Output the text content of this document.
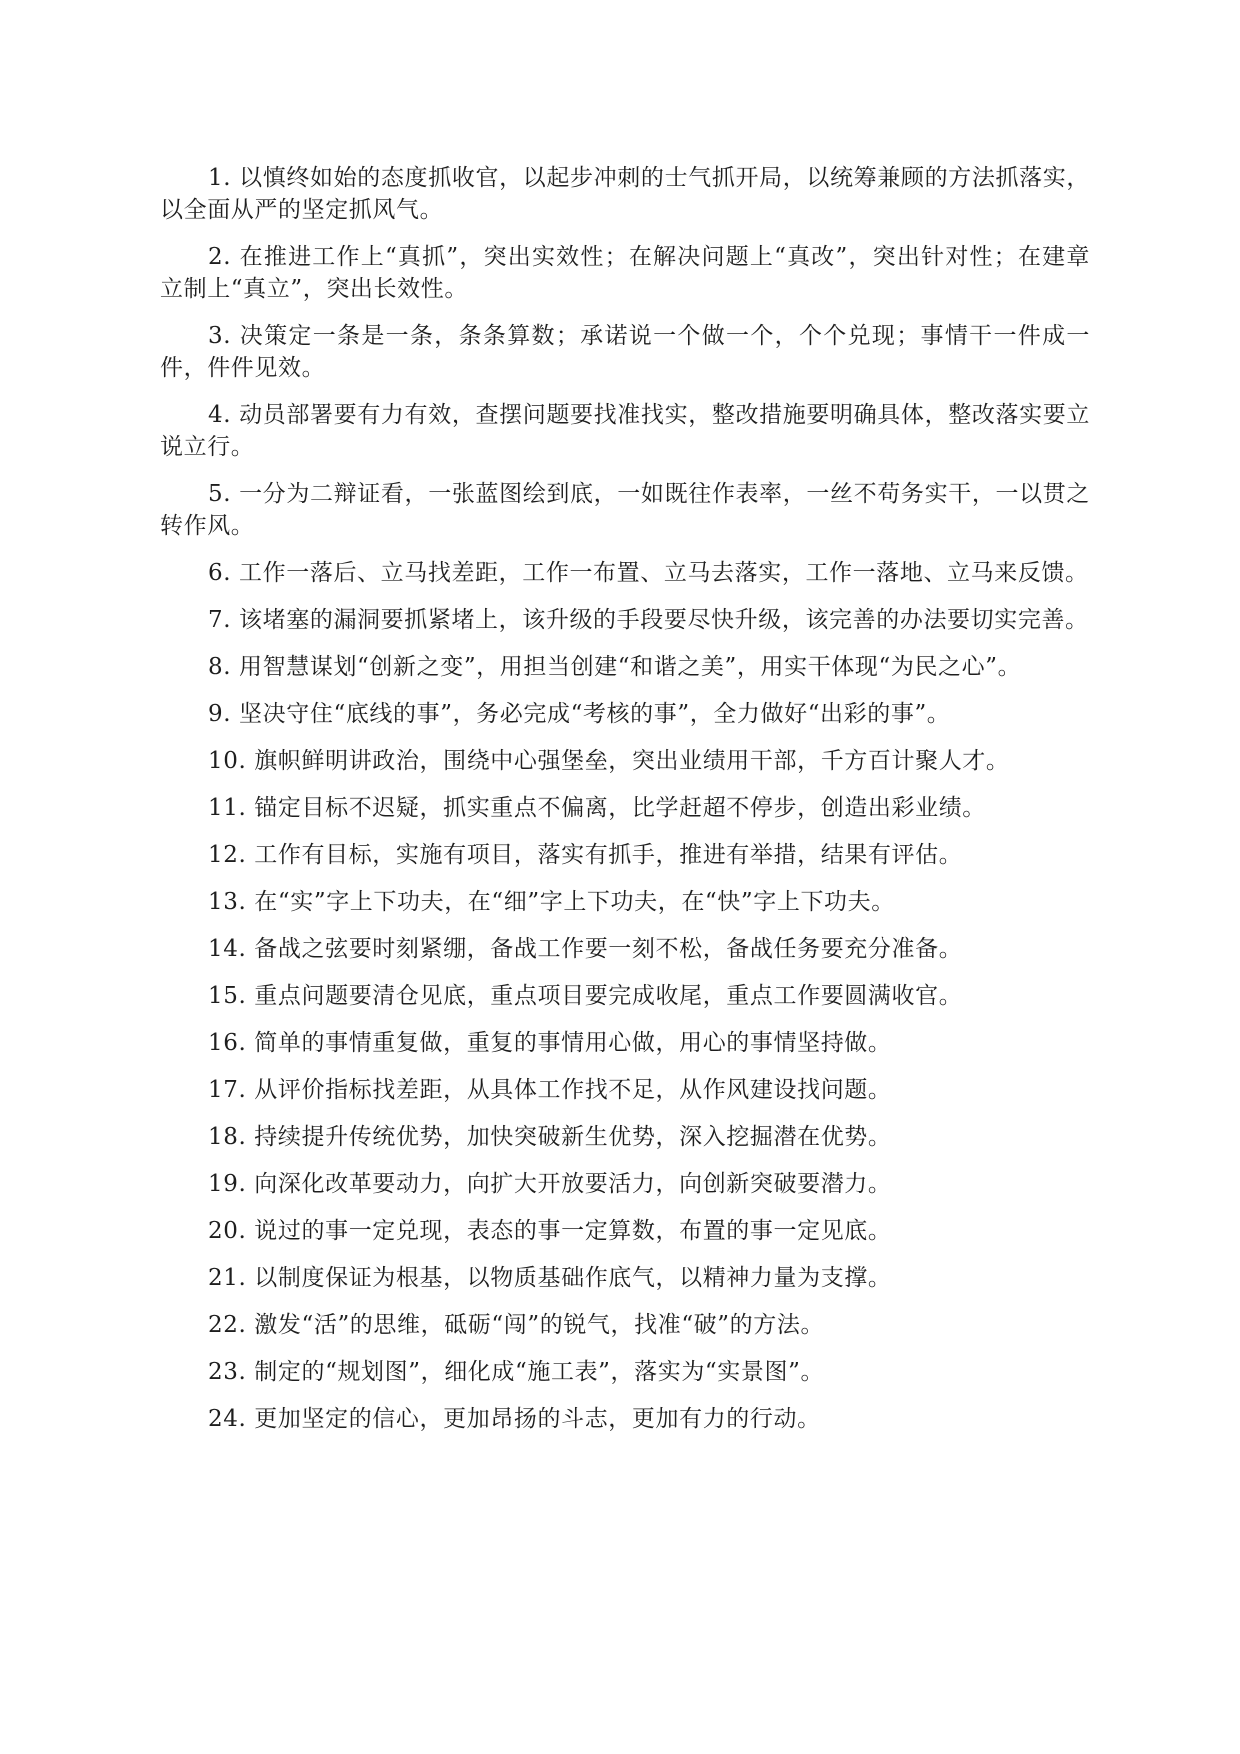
1. 以慎终如始的态度抓收官，以起步冲刺的士气抓开局，以统筹兼顾的方法抓落实，以全面从严的坚定抓风气。

2. 在推进工作上“真抓”，突出实效性；在解决问题上“真改”，突出针对性；在建章立制上“真立”，突出长效性。

3. 决策定一条是一条，条条算数；承诺说一个做一个，个个兑现；事情干一件成一件，件件见效。

4. 动员部署要有力有效，查摆问题要找准找实，整改措施要明确具体，整改落实要立说立行。

5. 一分为二辩证看，一张蓝图绘到底，一如既往作表率，一丝不苟务实干，一以贯之转作风。

6. 工作一落后、立马找差距，工作一布置、立马去落实，工作一落地、立马来反馈。

7. 该堵塞的漏洞要抓紧堵上，该升级的手段要尽快升级，该完善的办法要切实完善。

8. 用智慧谋划“创新之变”，用担当创建“和谐之美”，用实干体现“为民之心”。

9. 坚决守住“底线的事”，务必完成“考核的事”，全力做好“出彩的事”。

10. 旗帜鲜明讲政治，围绕中心强堡垒，突出业绩用干部，千方百计聚人才。

11. 锚定目标不迟疑，抓实重点不偏离，比学赶超不停步，创造出彩业绩。

12. 工作有目标，实施有项目，落实有抓手，推进有举措，结果有评估。

13. 在“实”字上下功夫，在“细”字上下功夫，在“快”字上下功夫。

14. 备战之弦要时刻紧绷，备战工作要一刻不松，备战任务要充分准备。

15. 重点问题要清仓见底，重点项目要完成收尾，重点工作要圆满收官。

16. 简单的事情重复做，重复的事情用心做，用心的事情坚持做。

17. 从评价指标找差距，从具体工作找不足，从作风建设找问题。

18. 持续提升传统优势，加快突破新生优势，深入挖掘潜在优势。

19. 向深化改革要动力，向扩大开放要活力，向创新突破要潜力。

20. 说过的事一定兑现，表态的事一定算数，布置的事一定见底。

21. 以制度保证为根基，以物质基础作底气，以精神力量为支撑。

22. 激发“活”的思维，砥砺“闯”的锐气，找准“破”的方法。

23. 制定的“规划图”，细化成“施工表”，落实为“实景图”。

24. 更加坚定的信心，更加昂扬的斗志，更加有力的行动。
